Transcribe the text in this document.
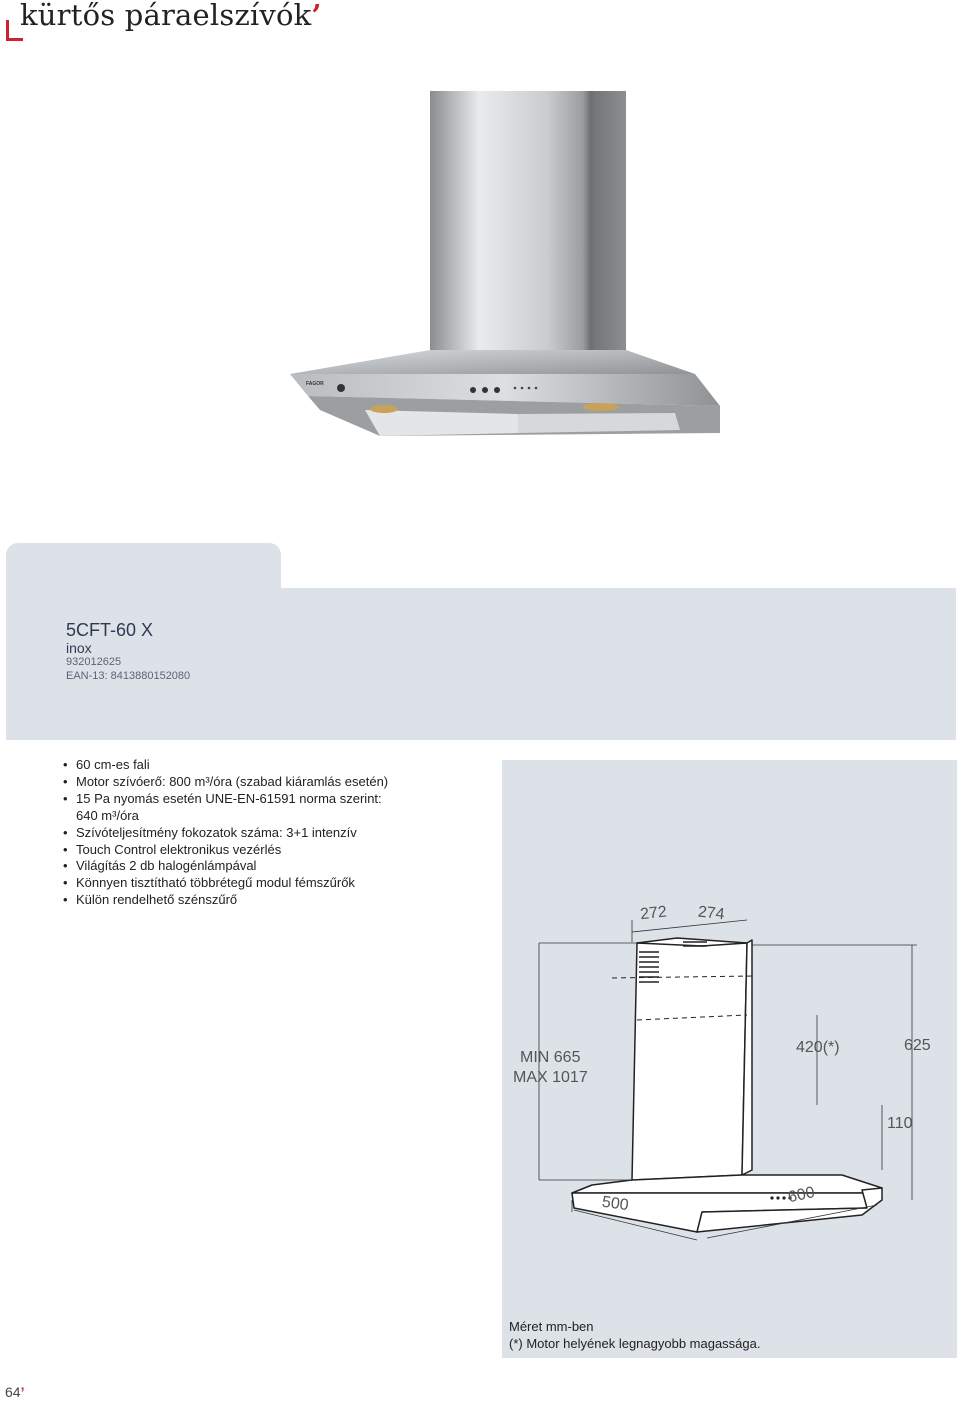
kürtős páraelszívók’
FAGOR
5CFT-60 X
inox
932012625
EAN-13: 8413880152080
• 60 cm-es fali
• Motor szívóerő: 800 m³/óra (szabad kiáramlás esetén)
• 15 Pa nyomás esetén UNE-EN-61591 norma szerint:
640 m³/óra
• Szívóteljesítmény fokozatok száma: 3+1 intenzív
• Touch Control elektronikus vezérlés
• Világítás 2 db halogénlámpával
• Könnyen tisztítható többrétegű modul fémszűrők
• Külön rendelhető szénszűrő
272 274
MIN 665
MAX 1017
420(*)	625
110
500	600
Méret mm-ben
(*) Motor helyének legnagyobb magassága.
64’
